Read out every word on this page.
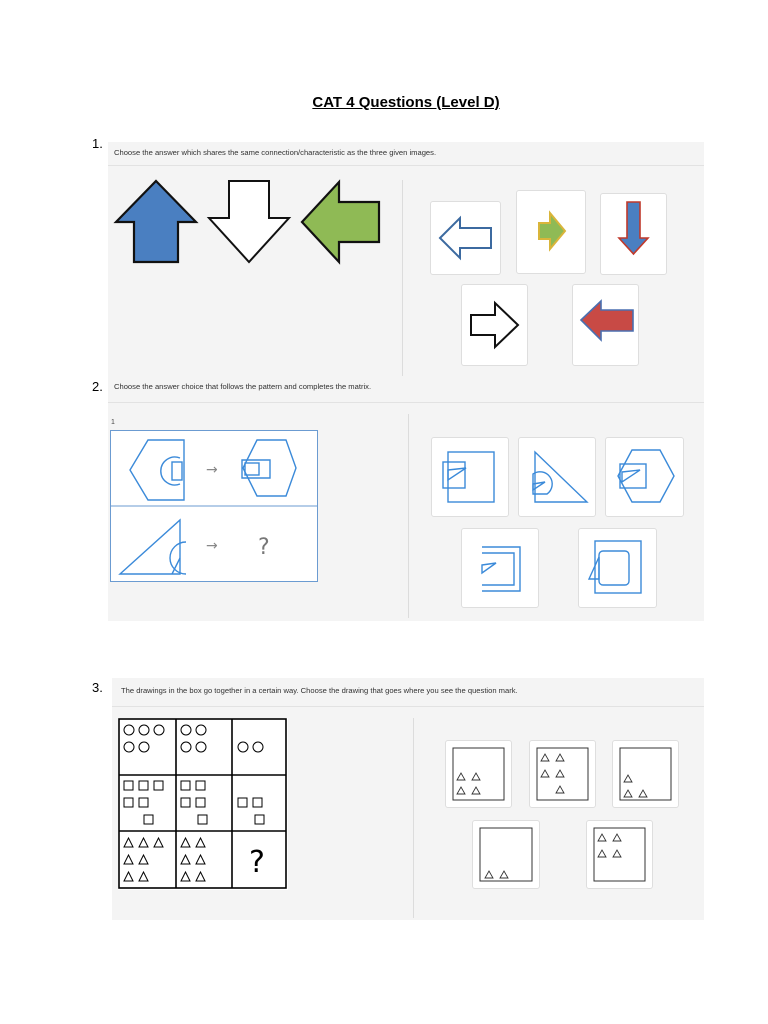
CAT 4 Questions (Level D)
1.
Choose the answer which shares the same connection/characteristic as the three given images.
2. Choose the answer choice that follows the pattern and completes the matrix.
1
→
→ ?
3. The drawings in the box go together in a certain way. Choose the drawing that goes where you see the question mark.
?
